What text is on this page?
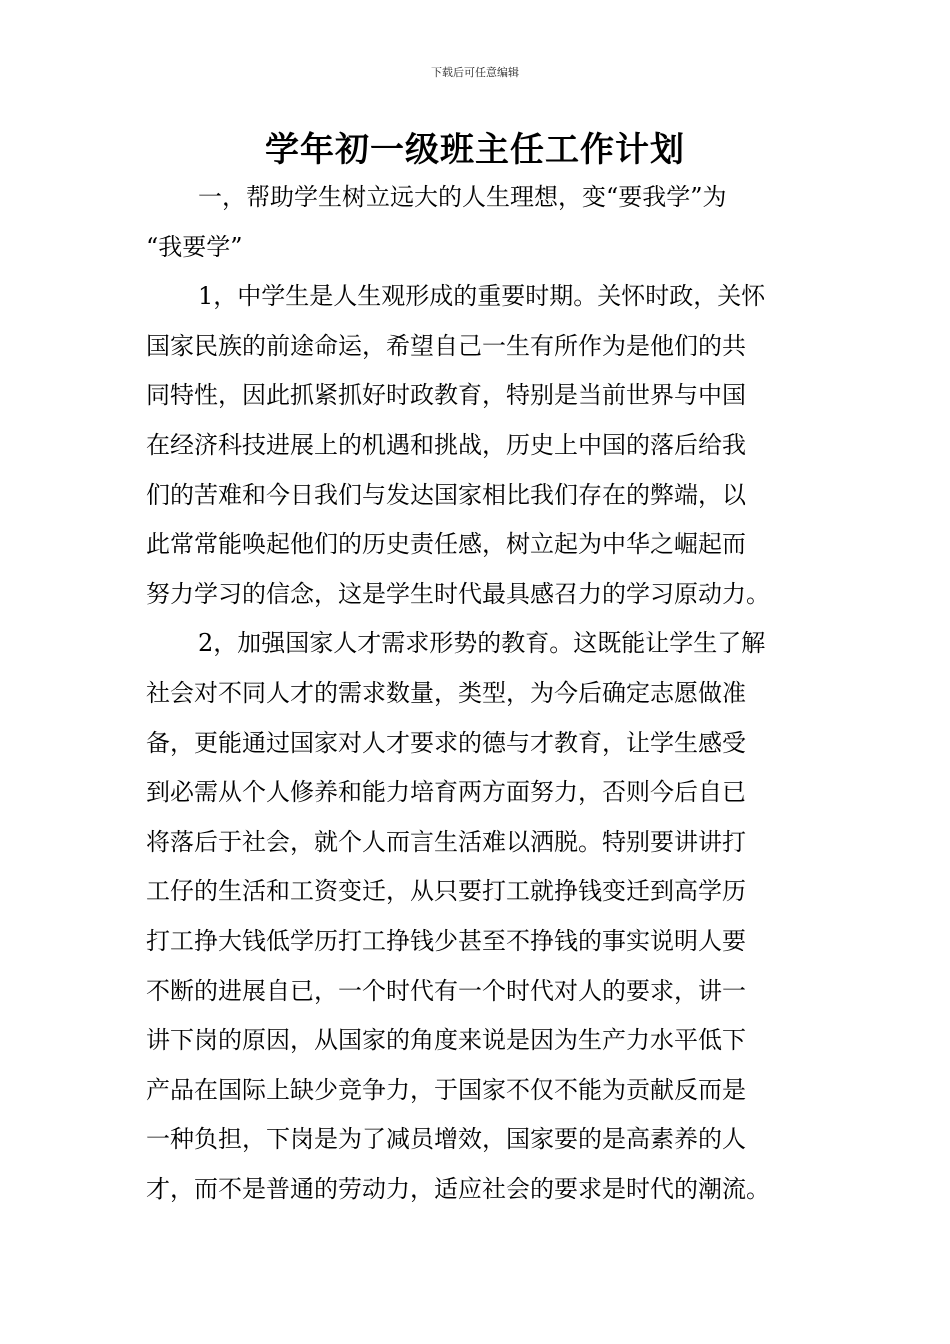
下载后可任意编辑
学年初一级班主任工作计划
一，帮助学生树立远大的人生理想，变“要我学”为
“我要学”
1，中学生是人生观形成的重要时期。关怀时政，关怀
国家民族的前途命运，希望自己一生有所作为是他们的共
同特性，因此抓紧抓好时政教育，特别是当前世界与中国
在经济科技进展上的机遇和挑战，历史上中国的落后给我
们的苦难和今日我们与发达国家相比我们存在的弊端，以
此常常能唤起他们的历史责任感，树立起为中华之崛起而
努力学习的信念，这是学生时代最具感召力的学习原动力。
2，加强国家人才需求形势的教育。这既能让学生了解
社会对不同人才的需求数量，类型，为今后确定志愿做准
备，更能通过国家对人才要求的德与才教育，让学生感受
到必需从个人修养和能力培育两方面努力，否则今后自已
将落后于社会，就个人而言生活难以洒脱。特别要讲讲打
工仔的生活和工资变迁，从只要打工就挣钱变迁到高学历
打工挣大钱低学历打工挣钱少甚至不挣钱的事实说明人要
不断的进展自已，一个时代有一个时代对人的要求，讲一
讲下岗的原因，从国家的角度来说是因为生产力水平低下
产品在国际上缺少竞争力，于国家不仅不能为贡献反而是
一种负担，下岗是为了减员增效，国家要的是高素养的人
才，而不是普通的劳动力，适应社会的要求是时代的潮流。
